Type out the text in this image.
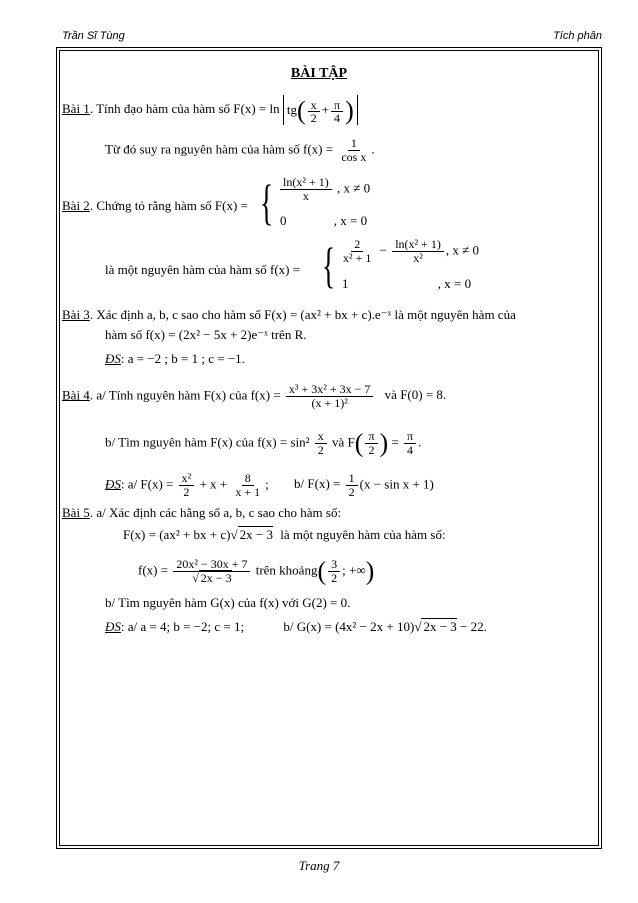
Trần Sĩ Tùng	Tích phân
BÀI TẬP
Bài 1. Tính đạo hàm của hàm số $F(x) = \ln tg( \frac{x}{2} + \frac{\pi}{4}$ )
Từ đó suy ra nguyên hàm của hàm số $f(x) = \frac{1}{\text{cos x}}$ .
Bài 2. Chứng tỏ rằng hàm số F(x) = { $\frac{\text{ln(x² + 1)}}{x}$ , x ≠ 0
0	, x = 0
là một nguyên hàm của hàm số f(x) = { $\frac{2}{\text{x² + 1}} - \frac{\text{ln(x² + 1)}}{\text{x²}}$ , x ≠ 0
1	, x = 0
Bài 3. Xác định a, b, c sao cho hàm số F(x) = (ax² + bx + c).e⁻ˣ là một nguyên hàm của
hàm số f(x) = (2x² − 5x + 2)e⁻ˣ trên R.
ĐS: a = −2 ; b = 1 ; c = −1.
Bài 4. a/ Tính nguyên hàm F(x) của $f(x) = \frac{\text{x³ + 3x² + 3x − 7}}{\text{(x + 1)²}}$ và F(0) = 8.
b/ Tìm nguyên hàm F(x) của $f(x) = \sin^2 \frac{x}{2}$ và $F( \frac{\pi}{2}$ ) = $\frac{\pi}{4}$ .
ĐS: a/ $F(x) = \frac{\text{x²}}{2} + x + \frac{8}{x + 1}$ ; b/ $F(x) = \frac{1}{2} (x - \sin x + 1)$
Bài 5. a/ Xác định các hằng số a, b, c sao cho hàm số:
F(x) = (ax² + bx + c)√ 2x − 3 là một nguyên hàm của hàm số:
$f(x) = \frac{\text{20x² − 30x + 7}}{√ 2x - 3}$ trên khoảng( $\frac{3}{2}$ ; +∞)
b/ Tìm nguyên hàm G(x) của f(x) với G(2) = 0.
ĐS: a/ a = 4; b = −2; c = 1;	b/ G(x) = (4x² − 2x + 10)√ 2x − 3 − 22.
Trang 7
